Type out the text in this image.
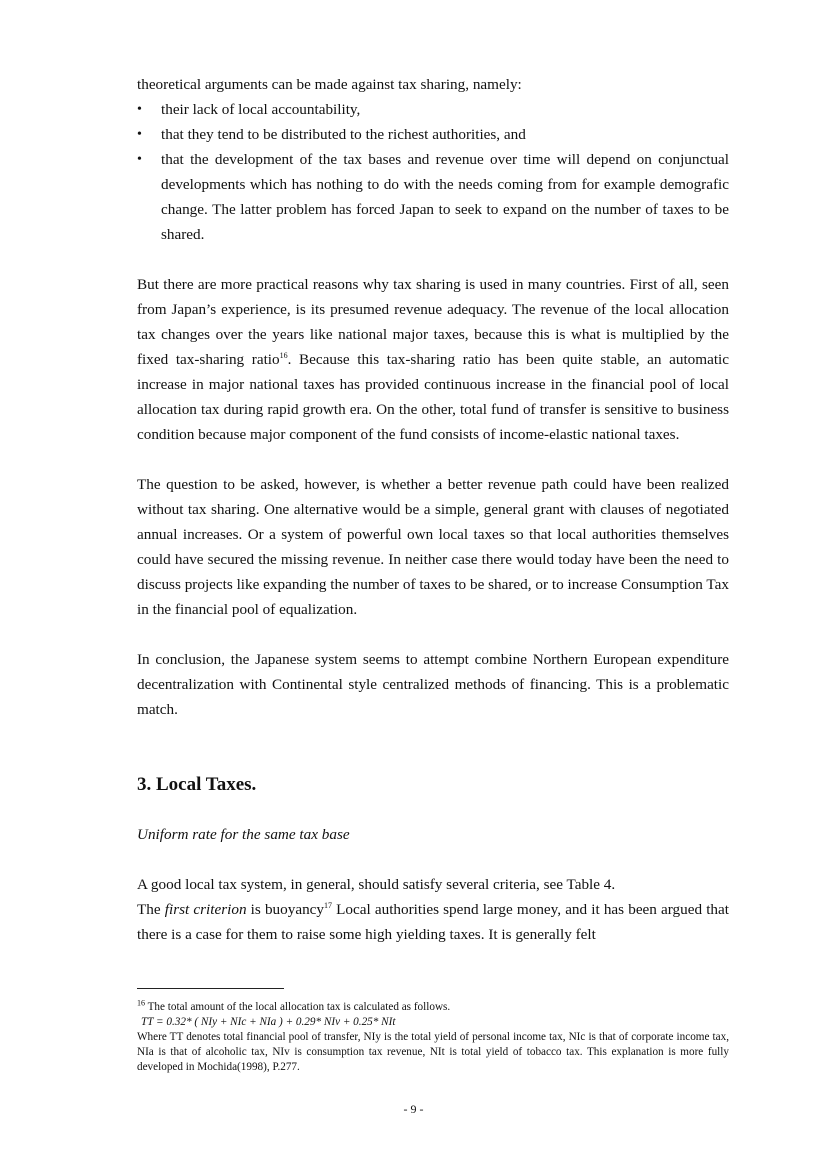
theoretical arguments can be made against tax sharing, namely:

• their lack of local accountability,
• that they tend to be distributed to the richest authorities, and
• that the development of the tax bases and revenue over time will depend on conjunctual developments which has nothing to do with the needs coming from for example demografic change. The latter problem has forced Japan to seek to expand on the number of taxes to be shared.

But there are more practical reasons why tax sharing is used in many countries. First of all, seen from Japan’s experience, is its presumed revenue adequacy. The revenue of the local allocation tax changes over the years like national major taxes, because this is what is multiplied by the fixed tax-sharing ratio$^{16}$. Because this tax-sharing ratio has been quite stable, an automatic increase in major national taxes has provided continuous increase in the financial pool of local allocation tax during rapid growth era. On the other, total fund of transfer is sensitive to business condition because major component of the fund consists of income-elastic national taxes.

The question to be asked, however, is whether a better revenue path could have been realized without tax sharing. One alternative would be a simple, general grant with clauses of negotiated annual increases. Or a system of powerful own local taxes so that local authorities themselves could have secured the missing revenue. In neither case there would today have been the need to discuss projects like expanding the number of taxes to be shared, or to increase Consumption Tax in the financial pool of equalization.

In conclusion, the Japanese system seems to attempt combine Northern European expenditure decentralization with Continental style centralized methods of financing. This is a problematic match.

3. Local Taxes.

Uniform rate for the same tax base

A good local tax system, in general, should satisfy several criteria, see Table 4.

The first criterion is buoyancy$^{17}$ Local authorities spend large money, and it has been argued that there is a case for them to raise some high yielding taxes. It is generally felt

$^{16}$ The total amount of the local allocation tax is calculated as follows.

TT = 0.32* ( NIy + NIc + NIa ) + 0.29* NIv + 0.25* NIt

Where TT denotes total financial pool of transfer, NIy is the total yield of personal income tax, NIc is that of corporate income tax, NIa is that of alcoholic tax, NIv is consumption tax revenue, NIt is total yield of tobacco tax. This explanation is more fully developed in Mochida(1998), P.277.

- 9 -
